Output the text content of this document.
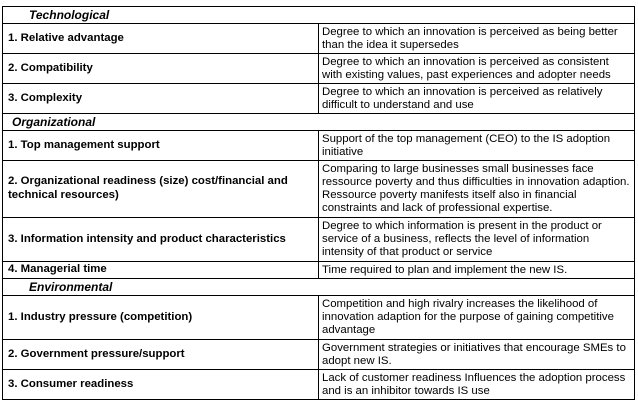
Technological	
1. Relative advantage	Degree to which an innovation is perceived as being better than the idea it supersedes
2. Compatibility	Degree to which an innovation is perceived as consistent with existing values, past experiences and adopter needs
3. Complexity	Degree to which an innovation is perceived as relatively difficult to understand and use
Organizational	
1. Top management support	Support of the top management (CEO) to the IS adoption initiative
2. Organizational readiness (size) cost/financial and technical resources)	Comparing to large businesses small businesses face ressource poverty and thus difficulties in innovation adaption. Ressource poverty manifests itself also in financial constraints and lack of professional expertise.
3. Information intensity and product characteristics	Degree to which information is present in the product or service of a business, reflects the level of information intensity of that product or service
4. Managerial time	Time required to plan and implement the new IS.
Environmental	
1. Industry pressure (competition)	Competition and high rivalry increases the likelihood of innovation adaption for the purpose of gaining competitive advantage
2. Government pressure/support	Government strategies or initiatives that encourage SMEs to adopt new IS.
3. Consumer readiness	Lack of customer readiness Influences the adoption process and is an inhibitor towards IS use
